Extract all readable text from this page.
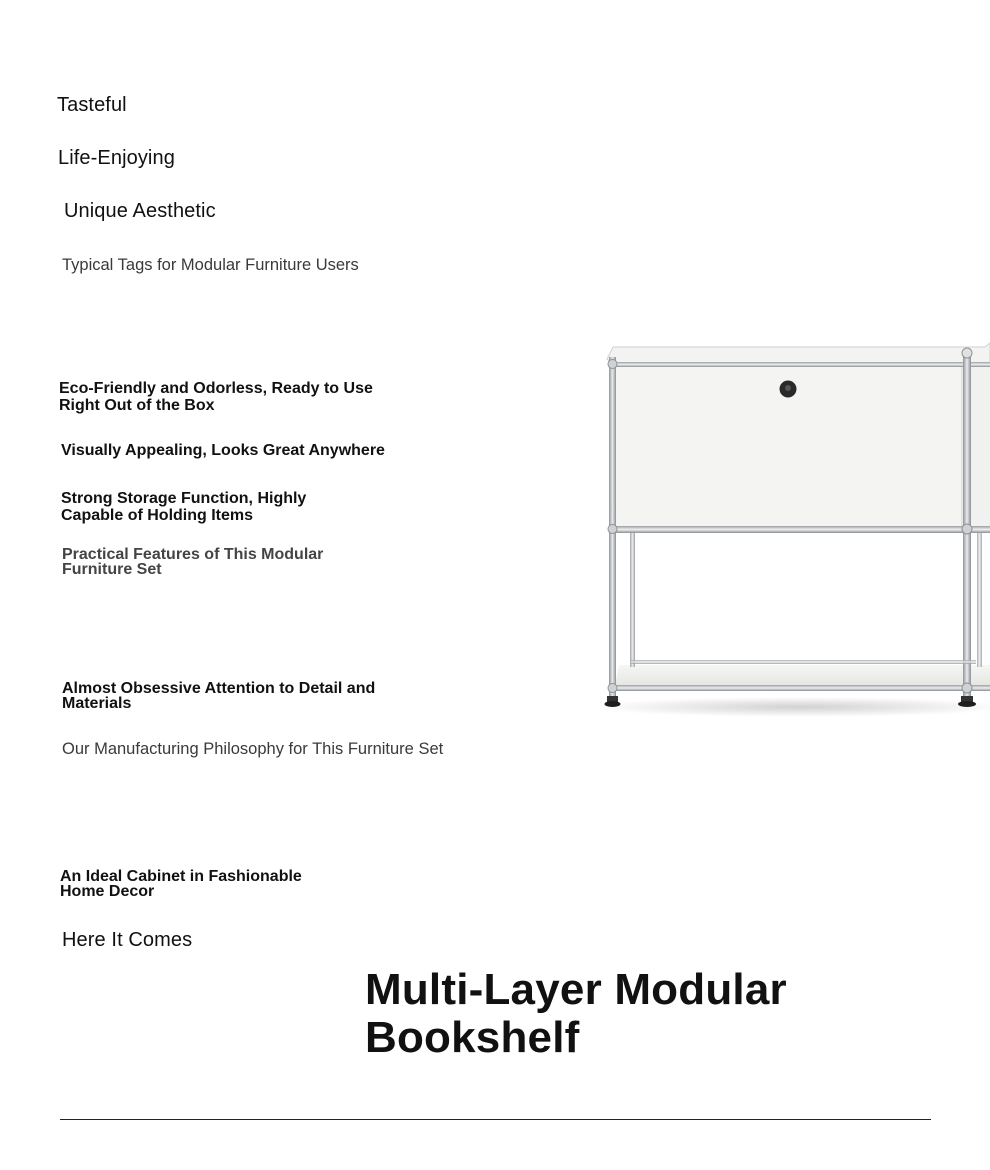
Tasteful

Life-Enjoying

Unique Aesthetic

Typical Tags for Modular Furniture Users

Eco-Friendly and Odorless, Ready to Use Right Out of the Box

Visually Appealing, Looks Great Anywhere

Strong Storage Function, Highly Capable of Holding Items

Practical Features of This Modular Furniture Set

Almost Obsessive Attention to Detail and Materials

Our Manufacturing Philosophy for This Furniture Set

An Ideal Cabinet in Fashionable Home Decor

Here It Comes

Multi-Layer Modular Bookshelf
